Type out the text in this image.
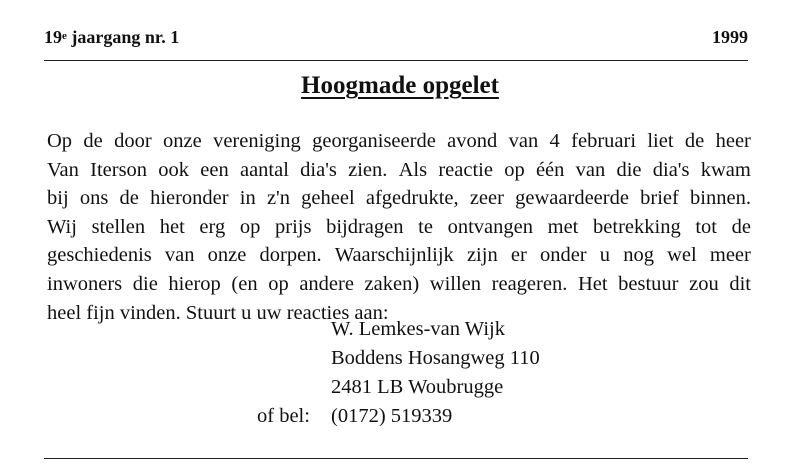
19e jaargang nr. 1	1999
Hoogmade opgelet
Op de door onze vereniging georganiseerde avond van 4 februari liet de heer
Van Iterson ook een aantal dia's zien. Als reactie op één van die dia's kwam
bij ons de hieronder in z'n geheel afgedrukte, zeer gewaardeerde brief binnen.
Wij stellen het erg op prijs bijdragen te ontvangen met betrekking tot de
geschiedenis van onze dorpen. Waarschijnlijk zijn er onder u nog wel meer
inwoners die hierop (en op andere zaken) willen reageren. Het bestuur zou dit
heel fijn vinden. Stuurt u uw reacties aan:
W. Lemkes-van Wijk
Boddens Hosangweg 110
2481 LB Woubrugge
of bel: (0172) 519339
